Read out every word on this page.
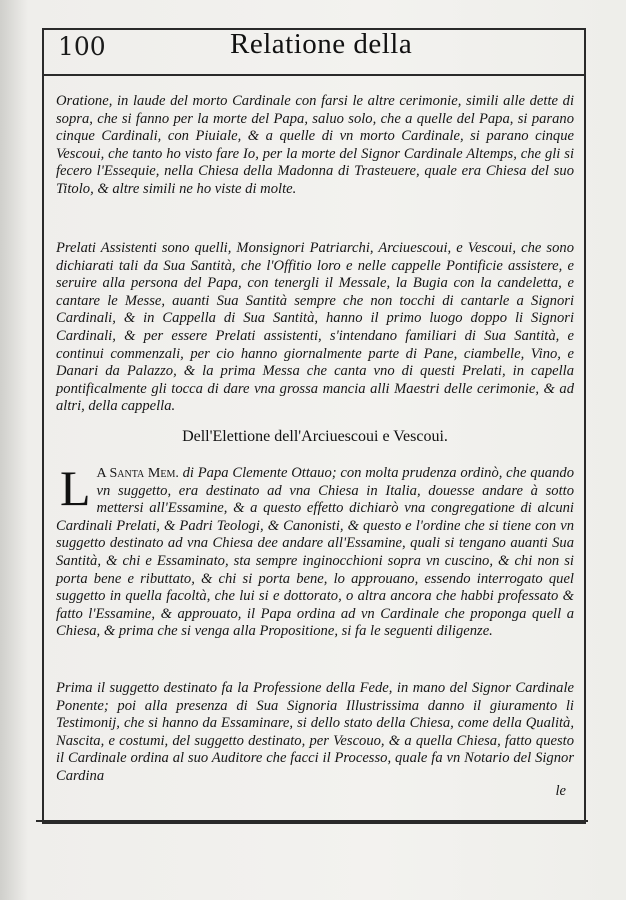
100	Relatione della
Oratione, in laude del morto Cardinale con farsi le altre cerimonie, simili alle dette di sopra, che si fanno per la morte del Papa, saluo solo, che a quelle del Papa, si parano cinque Cardinali, con Piuiale, & a quelle di vn morto Cardinale, si parano cinque Vescoui, che tanto ho visto fare Io, per la morte del Signor Cardinale Altemps, che gli si fecero l'Essequie, nella Chiesa della Madonna di Trasteuere, quale era Chiesa del suo Titolo, & altre simili ne ho viste di molte.
Prelati Assistenti sono quelli, Monsignori Patriarchi, Arciuescoui, e Vescoui, che sono dichiarati tali da Sua Santità, che l'Offitio loro e nelle cappelle Pontificie assistere, e seruire alla persona del Papa, con tenergli il Messale, la Bugia con la candeletta, e cantare le Messe, auanti Sua Santità sempre che non tocchi di cantarle a Signori Cardinali, & in Cappella di Sua Santità, hanno il primo luogo doppo li Signori Cardinali, & per essere Prelati assistenti, s'intendano familiari di Sua Santità, e continui commenzali, per cio hanno giornalmente parte di Pane, ciambelle, Vino, e Danari da Palazzo, & la prima Messa che canta vno di questi Prelati, in capella pontificalmente gli tocca di dare vna grossa mancia alli Maestri delle cerimonie, & ad altri, della cappella.
Dell'Elettione dell'Arciuescoui e Vescoui.
L A Santa Mem. di Papa Clemente Ottauo; con molta prudenza ordinò, che quando vn suggetto, era destinato ad vna Chiesa in Italia, douesse andare à sotto mettersi all'Essamine, & a questo effetto dichiarò vna congregatione di alcuni Cardinali Prelati, & Padri Teologi, & Canonisti, & questo e l'ordine che si tiene con vn suggetto destinato ad vna Chiesa dee andare all'Essamine, quali si tengano auanti Sua Santità, & chi e Essaminato, sta sempre inginocchioni sopra vn cuscino, & chi non si porta bene e ributtato, & chi si porta bene, lo approuano, essendo interrogato quel suggetto in quella facoltà, che lui si e dottorato, o altra ancora che habbi professato & fatto l'Essamine, & approuato, il Papa ordina ad vn Cardinale che proponga quell a Chiesa, & prima che si venga alla Propositione, si fa le seguenti diligenze.
Prima il suggetto destinato fa la Professione della Fede, in mano del Signor Cardinale Ponente; poi alla presenza di Sua Signoria Illustrissima danno il giuramento li Testimonij, che si hanno da Essaminare, si dello stato della Chiesa, come della Qualità, Nascita, e costumi, del suggetto destinato, per Vescouo, & a quella Chiesa, fatto questo il Cardinale ordina al suo Auditore che facci il Processo, quale fa vn Notario del Signor Cardina
le
